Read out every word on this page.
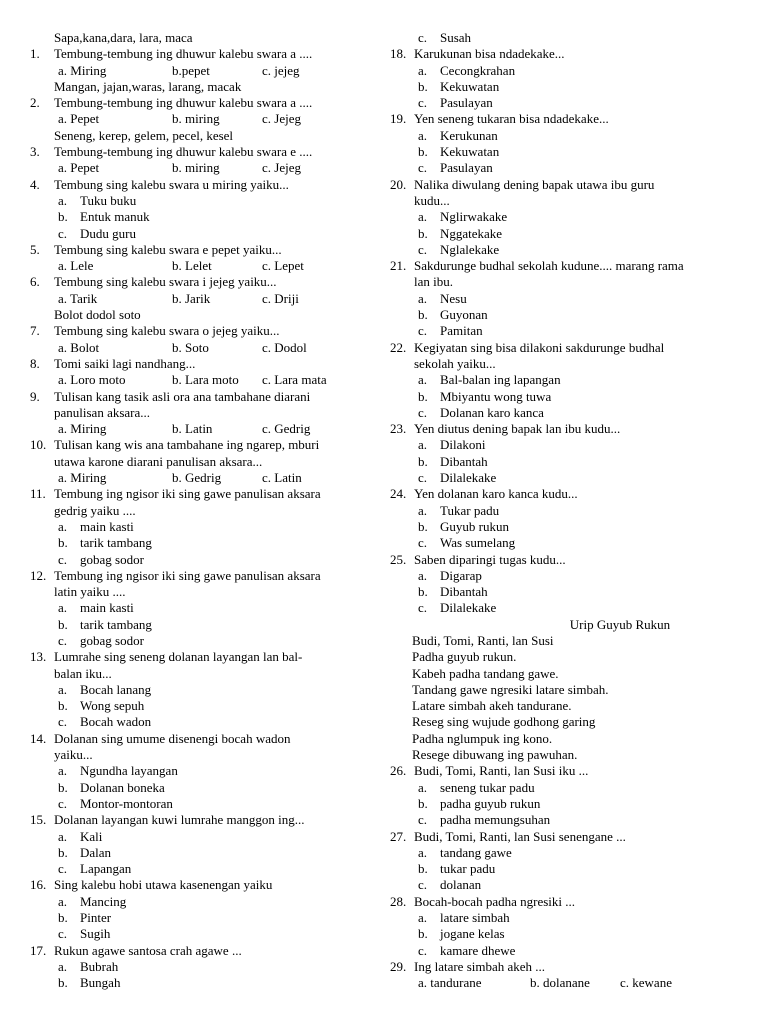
Sapa,kana,dara, lara, maca
1. Tembung-tembung ing dhuwur kalebu swara a ....
a. Miring	b.pepet	c. jejeg
Mangan, jajan,waras, larang, macak
2. Tembung-tembung ing dhuwur kalebu swara a ....
a. Pepet	b. miring	c. Jejeg
Seneng, kerep, gelem, pecel, kesel
3. Tembung-tembung ing dhuwur kalebu swara e ....
a. Pepet	b. miring	c. Jejeg
4. Tembung sing kalebu swara u miring yaiku...
a. Tuku buku
b. Entuk manuk
c. Dudu guru
5. Tembung sing kalebu swara e pepet yaiku...
a. Lele	b. Lelet	c. Lepet
6. Tembung sing kalebu swara i jejeg yaiku...
a. Tarik	b. Jarik	c. Driji
Bolot dodol soto
7. Tembung sing kalebu swara o jejeg yaiku...
a. Bolot	b. Soto	c. Dodol
8. Tomi saiki lagi nandhang...
a. Loro moto	b. Lara moto c. Lara mata
9. Tulisan kang tasik asli ora ana tambahane diarani
panulisan aksara...
a. Miring	b. Latin	c. Gedrig
10. Tulisan kang wis ana tambahane ing ngarep, mburi
utawa karone diarani panulisan aksara...
a. Miring	b. Gedrig	c. Latin
11. Tembung ing ngisor iki sing gawe panulisan aksara
gedrig yaiku ....
a. main kasti
b. tarik tambang
c. gobag sodor
12. Tembung ing ngisor iki sing gawe panulisan aksara
latin yaiku ....
a. main kasti
b. tarik tambang
c. gobag sodor
13. Lumrahe sing seneng dolanan layangan lan bal-
balan iku...
a. Bocah lanang
b. Wong sepuh
c. Bocah wadon
14. Dolanan sing umume disenengi bocah wadon
yaiku...
a. Ngundha layangan
b. Dolanan boneka
c. Montor-montoran
15. Dolanan layangan kuwi lumrahe manggon ing...
a. Kali
b. Dalan
c. Lapangan
16. Sing kalebu hobi utawa kasenengan yaiku
a. Mancing
b. Pinter
c. Sugih
17. Rukun agawe santosa crah agawe ...
a. Bubrah
b. Bungah
c. Susah
18. Karukunan bisa ndadekake...
a. Cecongkrahan
b. Kekuwatan
c. Pasulayan
19. Yen seneng tukaran bisa ndadekake...
a. Kerukunan
b. Kekuwatan
c. Pasulayan
20. Nalika diwulang dening bapak utawa ibu guru
kudu...
a. Nglirwakake
b. Nggatekake
c. Nglalekake
21. Sakdurunge budhal sekolah kudune.... marang rama
lan ibu.
a. Nesu
b. Guyonan
c. Pamitan
22. Kegiyatan sing bisa dilakoni sakdurunge budhal
sekolah yaiku...
a. Bal-balan ing lapangan
b. Mbiyantu wong tuwa
c. Dolanan karo kanca
23. Yen diutus dening bapak lan ibu kudu...
a. Dilakoni
b. Dibantah
c. Dilalekake
24. Yen dolanan karo kanca kudu...
a. Tukar padu
b. Guyub rukun
c. Was sumelang
25. Saben diparingi tugas kudu...
a. Digarap
b. Dibantah
c. Dilalekake
Urip Guyub Rukun
Budi, Tomi, Ranti, lan Susi
Padha guyub rukun.
Kabeh padha tandang gawe.
Tandang gawe ngresiki latare simbah.
Latare simbah akeh tandurane.
Reseg sing wujude godhong garing
Padha nglumpuk ing kono.
Resege dibuwang ing pawuhan.
26. Budi, Tomi, Ranti, lan Susi iku ...
a. seneng tukar padu
b. padha guyub rukun
c. padha memungsuhan
27. Budi, Tomi, Ranti, lan Susi senengane ...
a. tandang gawe
b. tukar padu
c. dolanan
28. Bocah-bocah padha ngresiki ...
a. latare simbah
b. jogane kelas
c. kamare dhewe
29. Ing latare simbah akeh ...
a. tandurane	b. dolanane c. kewane
